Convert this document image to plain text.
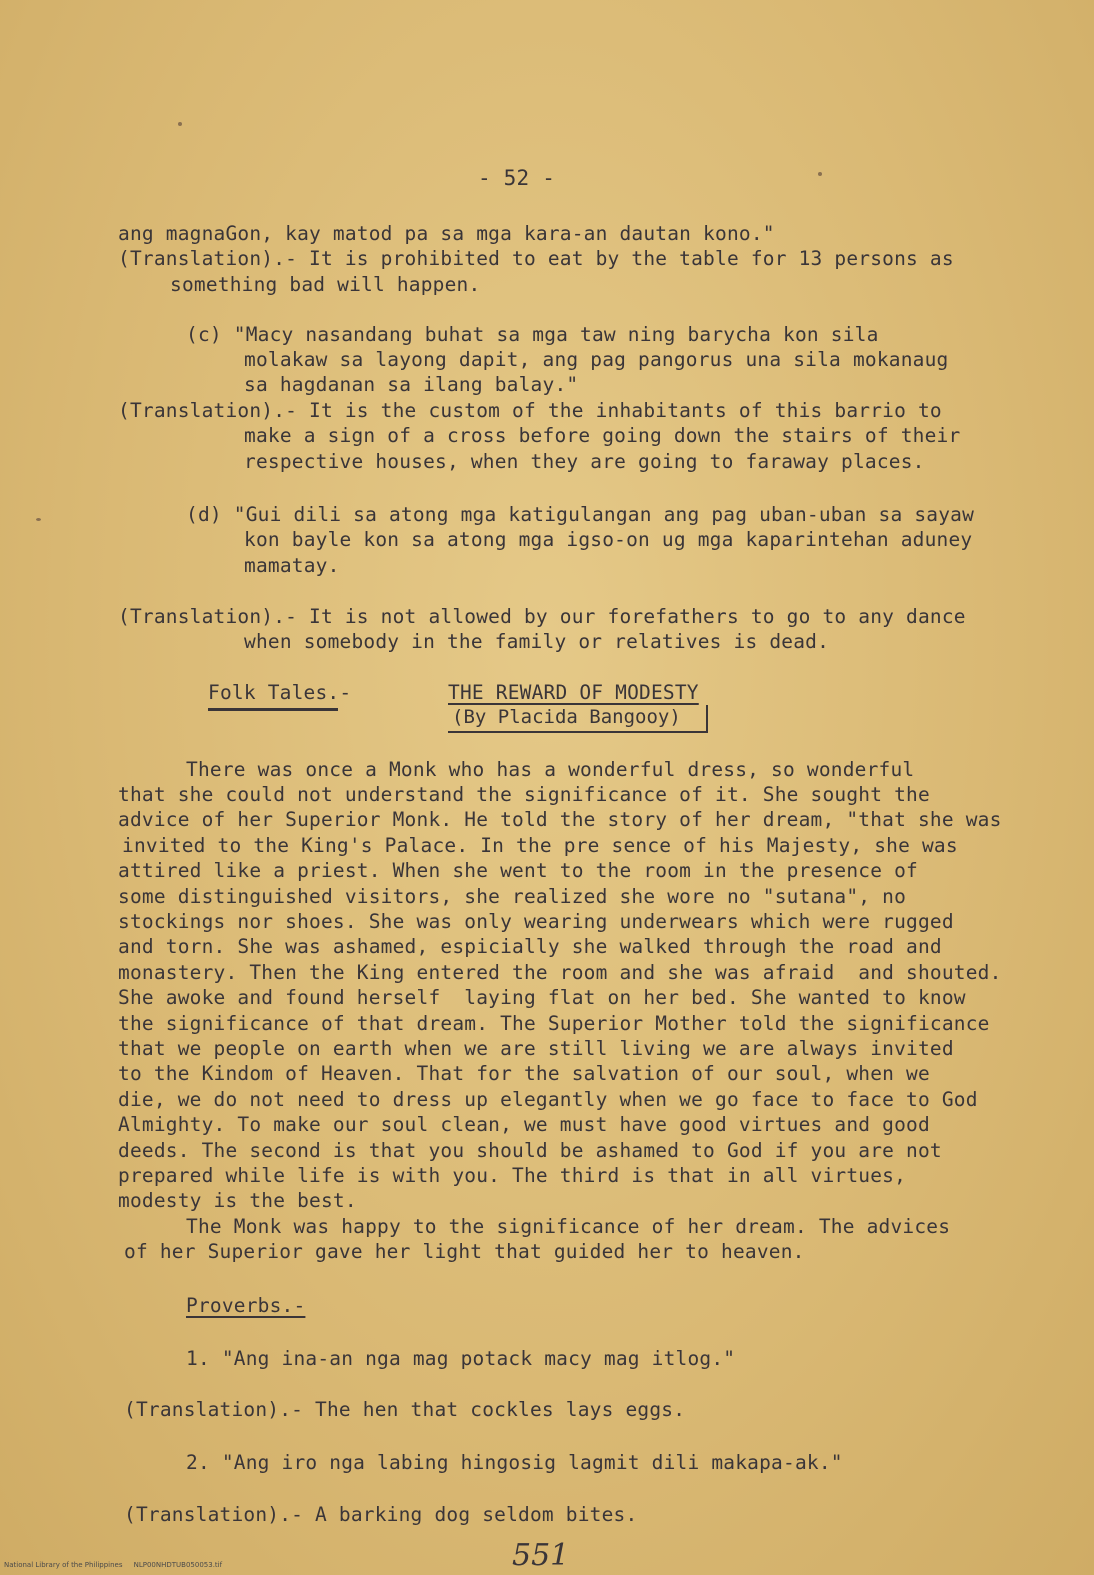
- 52 -
ang magnaGon, kay matod pa sa mga kara-an dautan kono."
(Translation).- It is prohibited to eat by the table for 13 persons as
something bad will happen.
(c) "Macy nasandang buhat sa mga taw ning barycha kon sila
molakaw sa layong dapit, ang pag pangorus una sila mokanaug
sa hagdanan sa ilang balay."
(Translation).- It is the custom of the inhabitants of this barrio to
make a sign of a cross before going down the stairs of their
respective houses, when they are going to faraway places.
(d) "Gui dili sa atong mga katigulangan ang pag uban-uban sa sayaw
kon bayle kon sa atong mga igso-on ug mga kaparintehan aduney
mamatay.
(Translation).- It is not allowed by our forefathers to go to any dance
when somebody in the family or relatives is dead.
Folk Tales.-	THE REWARD OF MODESTY
(By Placida Bangooy)
There was once a Monk who has a wonderful dress, so wonderful
that she could not understand the significance of it. She sought the
advice of her Superior Monk. He told the story of her dream, "that she was
invited to the King's Palace. In the pre sence of his Majesty, she was
attired like a priest. When she went to the room in the presence of
some distinguished visitors, she realized she wore no "sutana", no
stockings nor shoes. She was only wearing underwears which were rugged
and torn. She was ashamed, espicially she walked through the road and
monastery. Then the King entered the room and she was afraid  and shouted.
She awoke and found herself  laying flat on her bed. She wanted to know
the significance of that dream. The Superior Mother told the significance
that we people on earth when we are still living we are always invited
to the Kindom of Heaven. That for the salvation of our soul, when we
die, we do not need to dress up elegantly when we go face to face to God
Almighty. To make our soul clean, we must have good virtues and good
deeds. The second is that you should be ashamed to God if you are not
prepared while life is with you. The third is that in all virtues,
modesty is the best.
The Monk was happy to the significance of her dream. The advices
of her Superior gave her light that guided her to heaven.
Proverbs.-
1. "Ang ina-an nga mag potack macy mag itlog."
(Translation).- The hen that cockles lays eggs.
2. "Ang iro nga labing hingosig lagmit dili makapa-ak."
(Translation).- A barking dog seldom bites.
551
National Library of the Philippines     NLP00NHDTUB050053.tif
